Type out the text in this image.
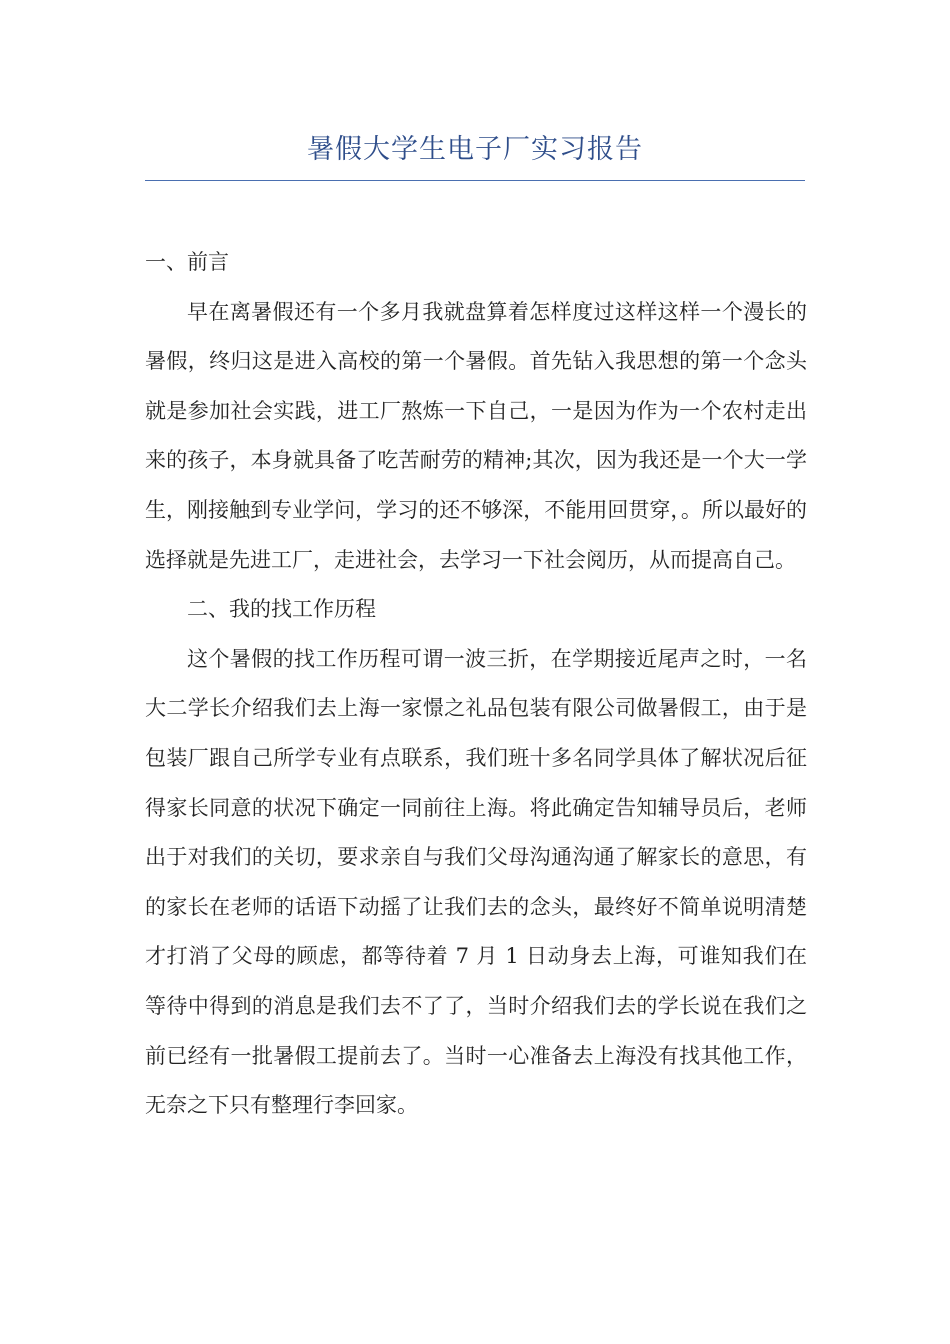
暑假大学生电子厂实习报告

一、前言

早在离暑假还有一个多月我就盘算着怎样度过这样这样一个漫长的暑假，终归这是进入高校的第一个暑假。首先钻入我思想的第一个念头就是参加社会实践，进工厂熬炼一下自己，一是因为作为一个农村走出来的孩子，本身就具备了吃苦耐劳的精神;其次，因为我还是一个大一学生，刚接触到专业学问，学习的还不够深，不能用回贯穿，。所以最好的选择就是先进工厂，走进社会，去学习一下社会阅历，从而提高自己。

二、我的找工作历程

这个暑假的找工作历程可谓一波三折，在学期接近尾声之时，一名大二学长介绍我们去上海一家憬之礼品包装有限公司做暑假工，由于是包装厂跟自己所学专业有点联系，我们班十多名同学具体了解状况后征得家长同意的状况下确定一同前往上海。将此确定告知辅导员后，老师出于对我们的关切，要求亲自与我们父母沟通沟通了解家长的意思，有的家长在老师的话语下动摇了让我们去的念头，最终好不简单说明清楚才打消了父母的顾虑，都等待着 7 月 1 日动身去上海，可谁知我们在等待中得到的消息是我们去不了了，当时介绍我们去的学长说在我们之前已经有一批暑假工提前去了。当时一心准备去上海没有找其他工作，无奈之下只有整理行李回家。
